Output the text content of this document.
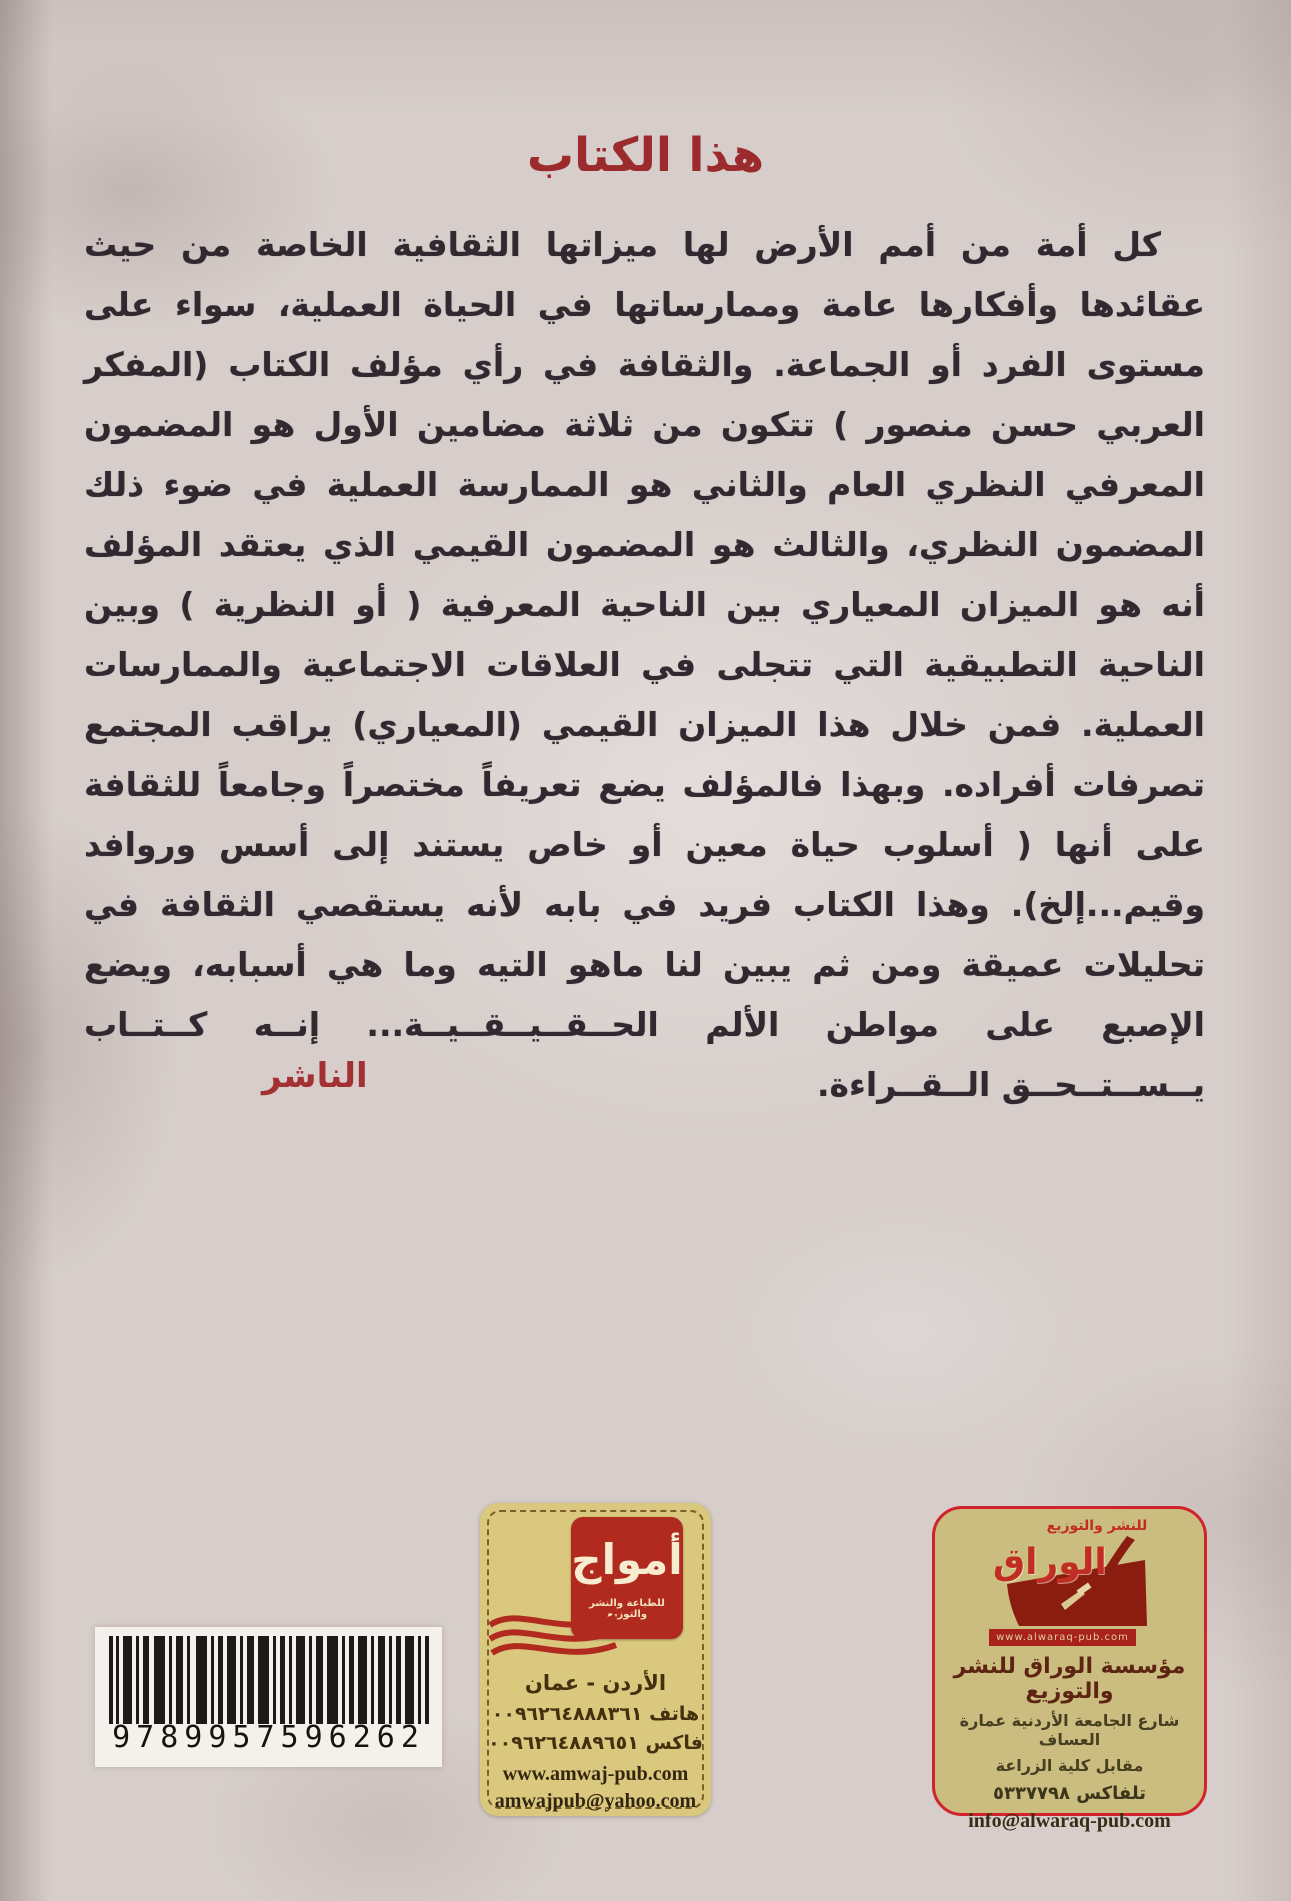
هذا الكتاب
كل أمة من أمم الأرض لها ميزاتها الثقافية الخاصة من حيث عقائدها وأفكارها عامة وممارساتها في الحياة العملية، سواء على مستوى الفرد أو الجماعة. والثقافة في رأي مؤلف الكتاب (المفكر العربي حسن منصور ) تتكون من ثلاثة مضامين الأول هو المضمون المعرفي النظري العام والثاني هو الممارسة العملية في ضوء ذلك المضمون النظري، والثالث هو المضمون القيمي الذي يعتقد المؤلف أنه هو الميزان المعياري بين الناحية المعرفية ( أو النظرية ) وبين الناحية التطبيقية التي تتجلى في العلاقات الاجتماعية والممارسات العملية. فمن خلال هذا الميزان القيمي (المعياري) يراقب المجتمع تصرفات أفراده. وبهذا فالمؤلف يضع تعريفاً مختصراً وجامعاً للثقافة على أنها ( أسلوب حياة معين أو خاص يستند إلى أسس وروافد وقيم...إلخ). وهذا الكتاب فريد في بابه لأنه يستقصي الثقافة في تحليلات عميقة ومن ثم يبين لنا ماهو التيه وما هي أسبابه، ويضع الإصبع على مواطن الألم الحــقــيــقــيــة... إنــه كــتــاب يــســتــحــق الــقــراءة.
الناشر
9789957596262
أمواج
للطباعة والنشر والتوزيع
الأردن - عمان
هاتف ٠٠٩٦٢٦٤٨٨٨٣٦١
فاكس ٠٠٩٦٢٦٤٨٨٩٦٥١
www.amwaj-pub.com
amwajpub@yahoo.com
للنشر والتوزيع
الوراق
www.alwaraq-pub.com
مؤسسة الوراق للنشر والتوزيع
شارع الجامعة الأردنية عمارة العساف
مقابل كلية الزراعة
تلفاكس ٥٣٣٧٧٩٨
info@alwaraq-pub.com
